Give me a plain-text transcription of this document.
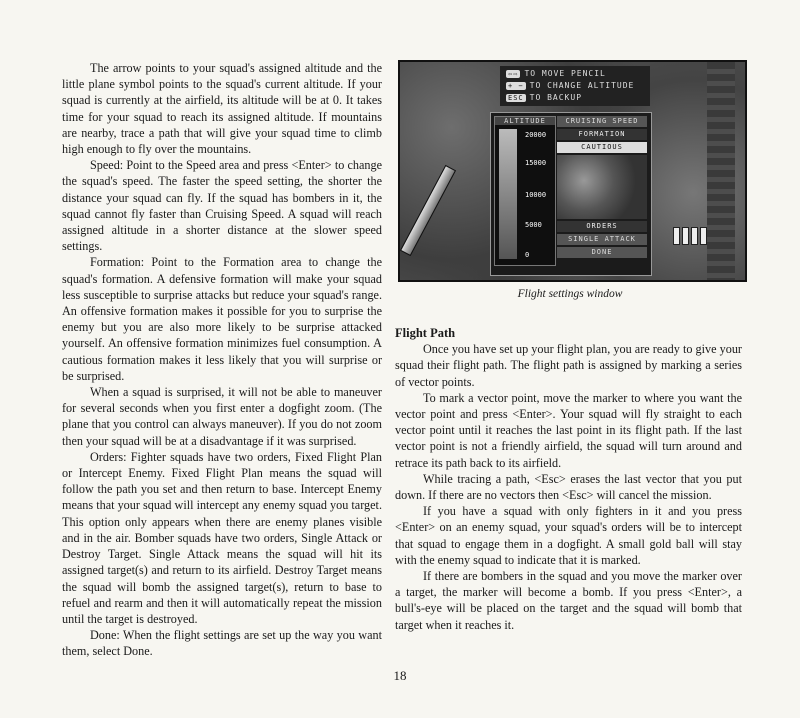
The arrow points to your squad's assigned altitude and the little plane symbol points to the squad's current altitude. If your squad is currently at the airfield, its altitude will be at 0. It takes time for your squad to reach its assigned altitude. If mountains are nearby, trace a path that will give your squad time to climb high enough to fly over the mountains.

Speed: Point to the Speed area and press <Enter> to change the squad's speed. The faster the speed setting, the shorter the distance your squad can fly. If the squad has bombers in it, the squad cannot fly faster than Cruising Speed. A squad will reach assigned altitude in a shorter distance at the slower speed settings.

Formation: Point to the Formation area to change the squad's formation. A defensive formation will make your squad less susceptible to surprise attacks but reduce your squad's range. An offensive formation makes it possible for you to surprise the enemy but you are also more likely to be surprise attacked yourself. An offensive formation minimizes fuel consumption. A cautious formation makes it less likely that you will surprise or be surprised.

When a squad is surprised, it will not be able to maneuver for several seconds when you first enter a dogfight zoom. (The plane that you control can always maneuver). If you do not zoom then your squad will be at a disadvantage if it was surprised.

Orders: Fighter squads have two orders, Fixed Flight Plan or Intercept Enemy. Fixed Flight Plan means the squad will follow the path you set and then return to base. Intercept Enemy means that your squad will intercept any enemy squad you target. This option only appears when there are enemy planes visible and in the air. Bomber squads have two orders, Single Attack or Destroy Target. Single Attack means the squad will hit its assigned target(s) and return to its airfield. Destroy Target means the squad will bomb the assigned target(s), return to base to refuel and rearm and then it will automatically repeat the mission until the target is destroyed.

Done: When the flight settings are set up the way you want them, select Done.

⇦⇨ TO MOVE PENCIL
+ − TO CHANGE ALTITUDE
ESC TO BACKUP
ALTITUDE
20000
15000
10000
5000
0
CRUISING SPEED
FORMATION
CAUTIOUS
ORDERS
SINGLE ATTACK
DONE
Flight settings window

Flight Path

Once you have set up your flight plan, you are ready to give your squad their flight path. The flight path is assigned by marking a series of vector points.

To mark a vector point, move the marker to where you want the vector point and press <Enter>. Your squad will fly straight to each vector point until it reaches the last point in its flight path. If the last vector point is not a friendly airfield, the squad will turn around and retrace its path back to its airfield.

While tracing a path, <Esc> erases the last vector that you put down. If there are no vectors then <Esc> will cancel the mission.

If you have a squad with only fighters in it and you press <Enter> on an enemy squad, your squad's orders will be to intercept that squad to engage them in a dogfight. A small gold ball will stay with the enemy squad to indicate that it is marked.

If there are bombers in the squad and you move the marker over a target, the marker will become a bomb. If you press <Enter>, a bull's-eye will be placed on the target and the squad will bomb that target when it reaches it.

18
